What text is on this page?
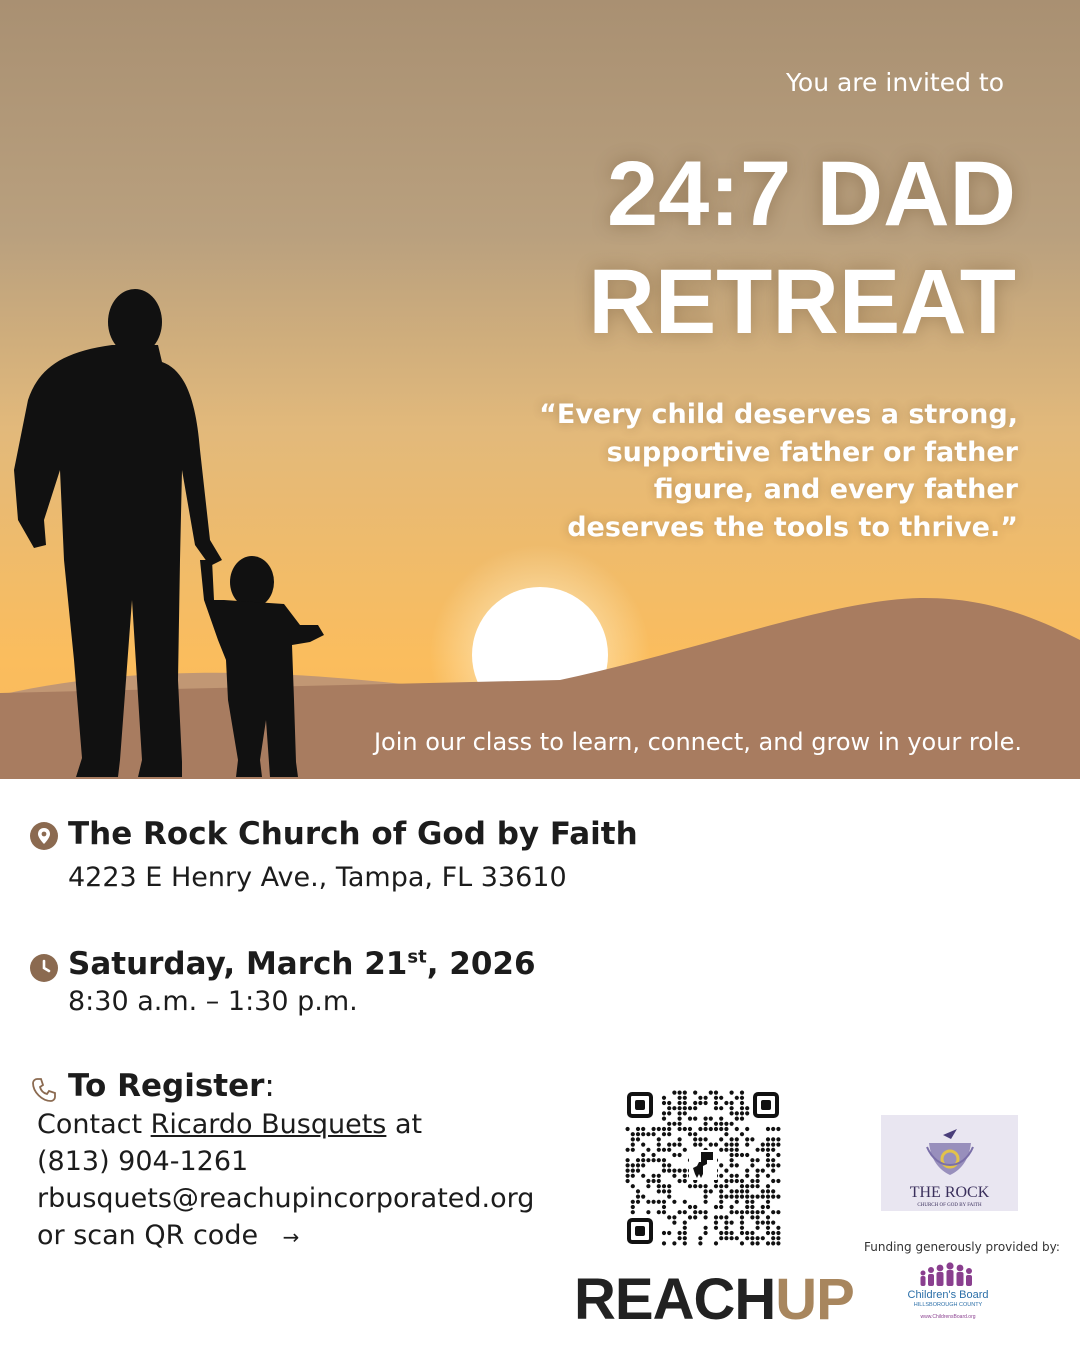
You are invited to
24:7 DAD
RETREAT
“Every child deserves a strong,
supportive father or father
figure, and every father
deserves the tools to thrive.”
Join our class to learn, connect, and grow in your role.
The Rock Church of God by Faith
4223 E Henry Ave., Tampa, FL 33610
Saturday, March 21st, 2026
8:30 a.m. – 1:30 p.m.
To Register:
Contact Ricardo Busquets at
(813) 904-1261
rbusquets@reachupincorporated.org
or scan QR code →
REACHUP
THE ROCK
CHURCH OF GOD BY FAITH
Funding generously provided by:
Children's Board
HILLSBOROUGH COUNTY
www.ChildrensBoard.org
